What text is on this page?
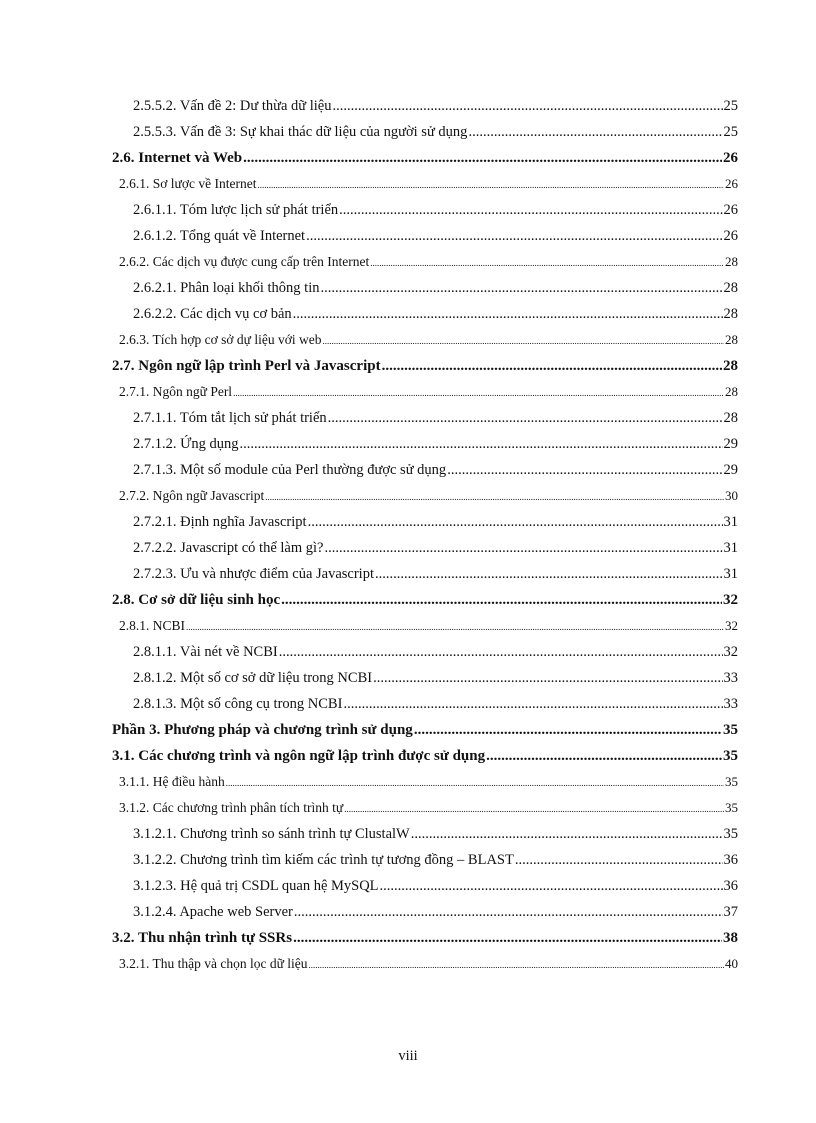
2.5.5.2. Vấn đề 2: Dư thừa dữ liệu .....	25
2.5.5.3. Vấn đề 3: Sự khai thác dữ liệu của người sử dụng .....	25
2.6. Internet và Web .....	26
2.6.1. Sơ lược về Internet .....	26
2.6.1.1. Tóm lược lịch sử phát triển .....	26
2.6.1.2. Tổng quát về Internet .....	26
2.6.2. Các dịch vụ được cung cấp trên Internet .....	28
2.6.2.1. Phân loại khối thông tin .....	28
2.6.2.2. Các dịch vụ cơ bản .....	28
2.6.3. Tích hợp cơ sở dự liệu với web .....	28
2.7. Ngôn ngữ lập trình Perl và Javascript .....	28
2.7.1. Ngôn ngữ Perl .....	28
2.7.1.1. Tóm tắt lịch sử phát triển .....	28
2.7.1.2. Ứng dụng .....	29
2.7.1.3. Một số module của Perl thường được sử dụng .....	29
2.7.2. Ngôn ngữ Javascript .....	30
2.7.2.1. Định nghĩa Javascript .....	31
2.7.2.2. Javascript có thể làm gì? .....	31
2.7.2.3. Ưu và nhược điểm của Javascript .....	31
2.8. Cơ sở dữ liệu sinh học .....	32
2.8.1. NCBI .....	32
2.8.1.1. Vài nét về NCBI .....	32
2.8.1.2. Một số cơ sở dữ liệu trong NCBI .....	33
2.8.1.3. Một số công cụ trong NCBI .....	33
Phần 3. Phương pháp và chương trình sử dụng .....	35
3.1. Các chương trình và ngôn ngữ lập trình được sử dụng .....	35
3.1.1. Hệ điều hành .....	35
3.1.2. Các chương trình phân tích trình tự .....	35
3.1.2.1. Chương trình so sánh trình tự ClustalW .....	35
3.1.2.2. Chương trình tìm kiếm các trình tự tương đồng – BLAST .....	36
3.1.2.3. Hệ quả trị CSDL quan hệ MySQL .....	36
3.1.2.4. Apache web Server .....	37
3.2. Thu nhận trình tự SSRs .....	38
3.2.1. Thu thập và chọn lọc dữ liệu .....	40
viii
